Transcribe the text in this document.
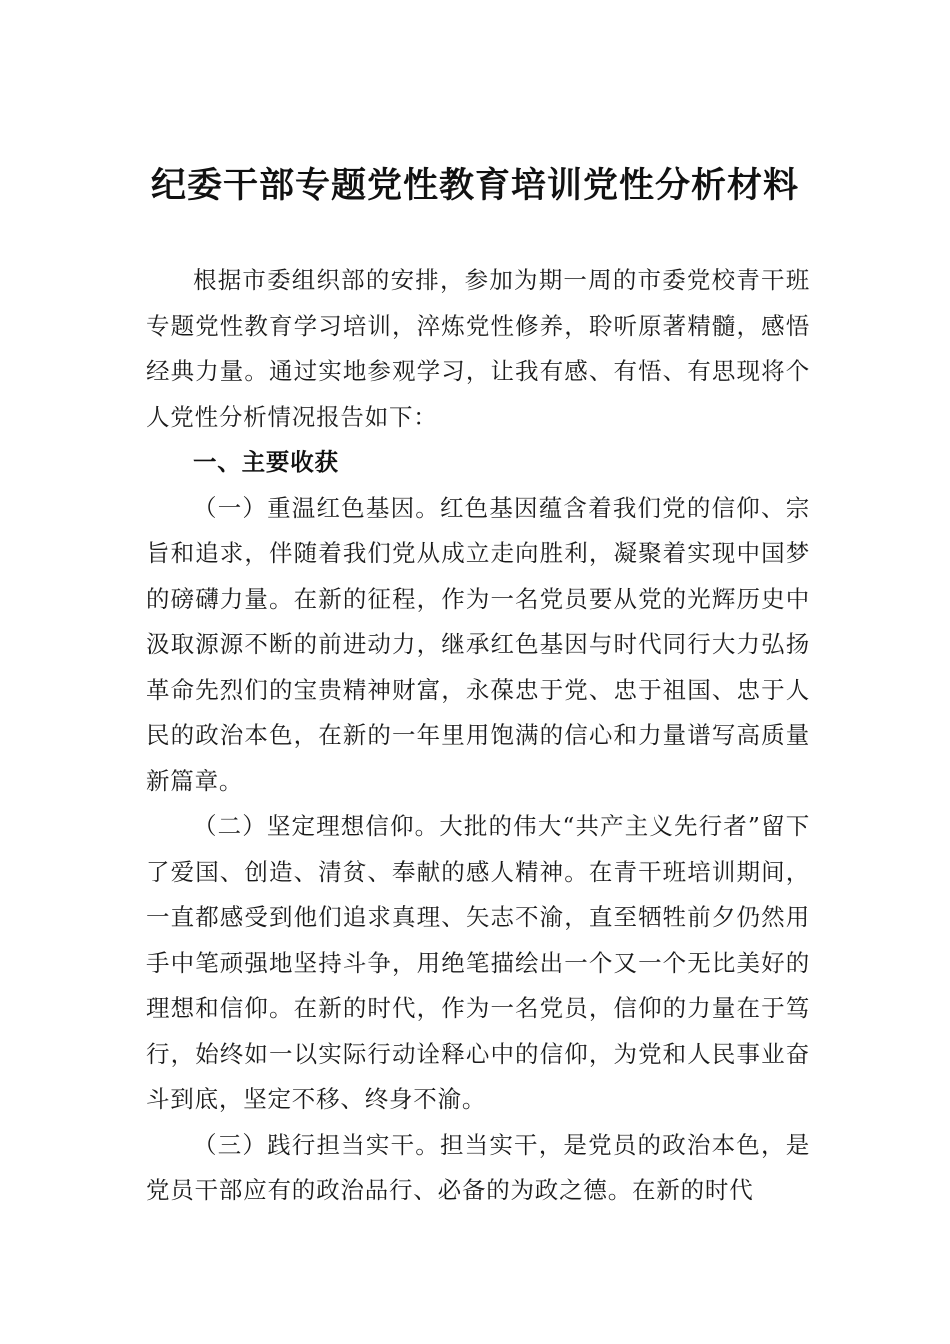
纪委干部专题党性教育培训党性分析材料

根据市委组织部的安排，参加为期一周的市委党校青干班专题党性教育学习培训，淬炼党性修养，聆听原著精髓，感悟经典力量。通过实地参观学习，让我有感、有悟、有思现将个人党性分析情况报告如下：

一、主要收获

（一）重温红色基因。红色基因蕴含着我们党的信仰、宗旨和追求，伴随着我们党从成立走向胜利，凝聚着实现中国梦的磅礴力量。在新的征程，作为一名党员要从党的光辉历史中汲取源源不断的前进动力，继承红色基因与时代同行大力弘扬革命先烈们的宝贵精神财富，永葆忠于党、忠于祖国、忠于人民的政治本色，在新的一年里用饱满的信心和力量谱写高质量新篇章。

（二）坚定理想信仰。大批的伟大“共产主义先行者”留下了爱国、创造、清贫、奉献的感人精神。在青干班培训期间，一直都感受到他们追求真理、矢志不渝，直至牺牲前夕仍然用手中笔顽强地坚持斗争，用绝笔描绘出一个又一个无比美好的理想和信仰。在新的时代，作为一名党员，信仰的力量在于笃行，始终如一以实际行动诠释心中的信仰，为党和人民事业奋斗到底，坚定不移、终身不渝。

（三）践行担当实干。担当实干，是党员的政治本色，是党员干部应有的政治品行、必备的为政之德。在新的时代
